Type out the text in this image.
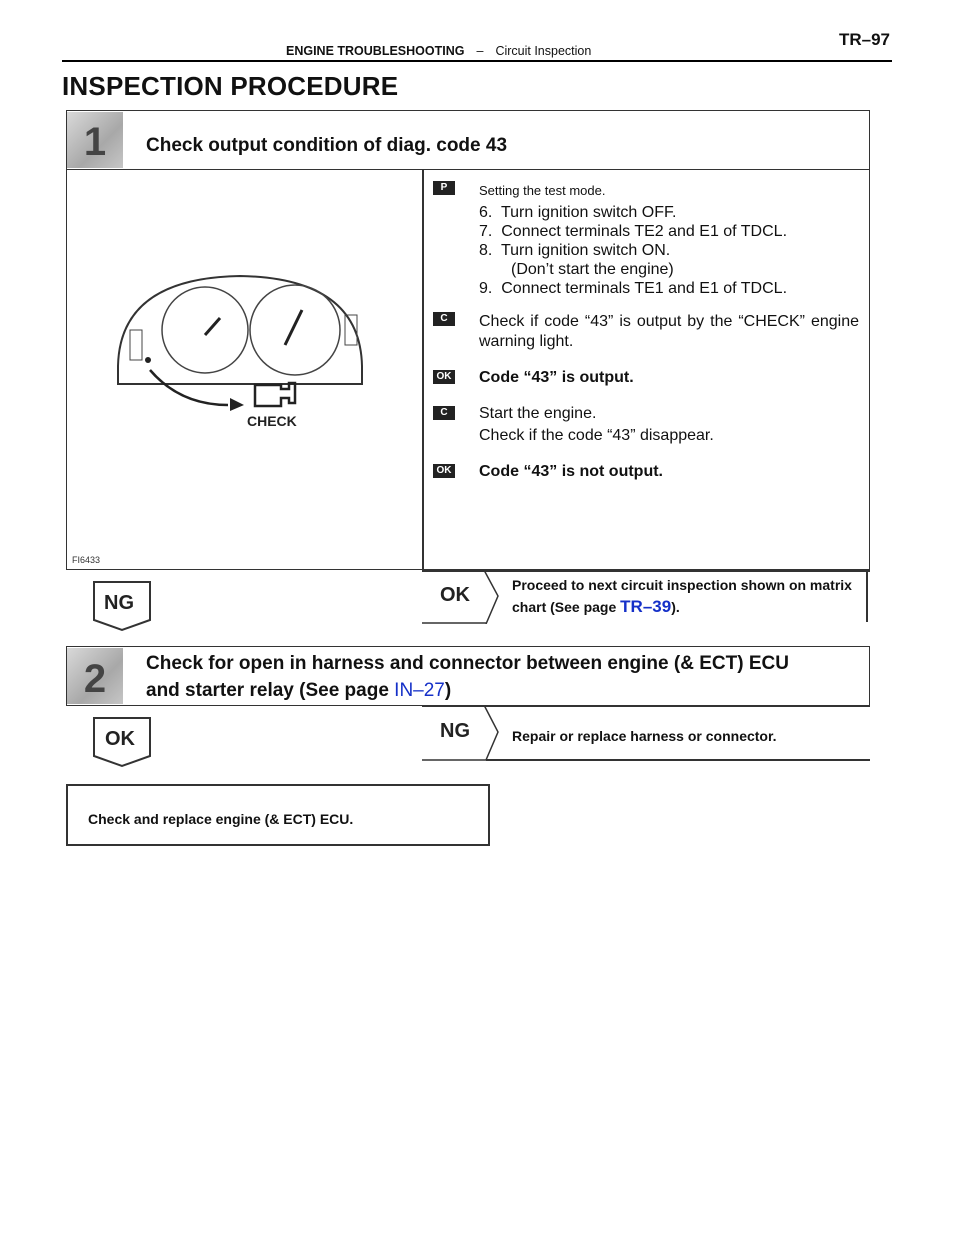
TR–97
ENGINE TROUBLESHOOTING – Circuit Inspection
INSPECTION PROCEDURE
1	Check output condition of diag. code 43
CHECK
FI6433
P	Setting the test mode.
6.  Turn ignition switch OFF.
7.  Connect terminals TE2 and E1 of TDCL.
8.  Turn ignition switch ON.
(Don’t start the engine)
9.  Connect terminals TE1 and E1 of TDCL.
C	Check if code “43” is output by the “CHECK” engine warning light.
OK Code “43” is output.
C	Start the engine.
Check if the code “43” disappear.
OK Code “43” is not output.
NG	OK	Proceed to next circuit inspection shown on matrix chart (See page TR–39).
2	Check for open in harness and connector between engine (& ECT) ECU
and starter relay (See page IN–27)
OK	NG	Repair or replace harness or connector.
Check and replace engine (& ECT) ECU.
